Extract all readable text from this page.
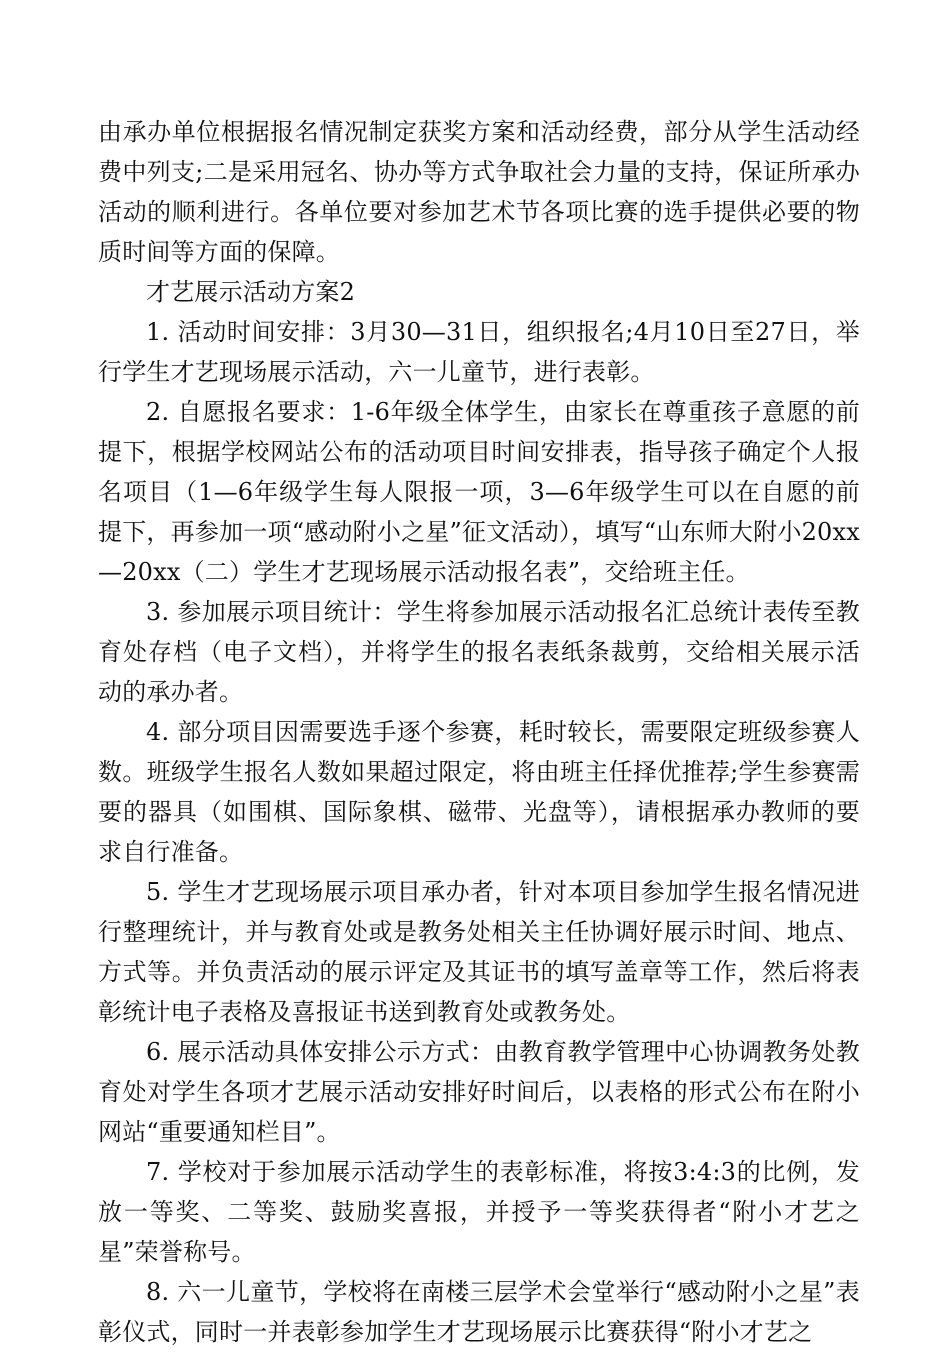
由承办单位根据报名情况制定获奖方案和活动经费，部分从学生活动经费中列支;二是采用冠名、协办等方式争取社会力量的支持，保证所承办活动的顺利进行。各单位要对参加艺术节各项比赛的选手提供必要的物质时间等方面的保障。

才艺展示活动方案2

1. 活动时间安排：3月30—31日，组织报名;4月10日至27日，举行学生才艺现场展示活动，六一儿童节，进行表彰。

2. 自愿报名要求：1-6年级全体学生，由家长在尊重孩子意愿的前提下，根据学校网站公布的活动项目时间安排表，指导孩子确定个人报名项目（1—6年级学生每人限报一项，3—6年级学生可以在自愿的前提下，再参加一项“感动附小之星”征文活动），填写“山东师大附小20xx—20xx（二）学生才艺现场展示活动报名表”，交给班主任。

3. 参加展示项目统计：学生将参加展示活动报名汇总统计表传至教育处存档（电子文档），并将学生的报名表纸条裁剪，交给相关展示活动的承办者。

4. 部分项目因需要选手逐个参赛，耗时较长，需要限定班级参赛人数。班级学生报名人数如果超过限定，将由班主任择优推荐;学生参赛需要的器具（如围棋、国际象棋、磁带、光盘等），请根据承办教师的要求自行准备。

5. 学生才艺现场展示项目承办者，针对本项目参加学生报名情况进行整理统计，并与教育处或是教务处相关主任协调好展示时间、地点、方式等。并负责活动的展示评定及其证书的填写盖章等工作，然后将表彰统计电子表格及喜报证书送到教育处或教务处。

6. 展示活动具体安排公示方式：由教育教学管理中心协调教务处教育处对学生各项才艺展示活动安排好时间后，以表格的形式公布在附小网站“重要通知栏目”。

7. 学校对于参加展示活动学生的表彰标准，将按3:4:3的比例，发放一等奖、二等奖、鼓励奖喜报，并授予一等奖获得者“附小才艺之星”荣誉称号。

8. 六一儿童节，学校将在南楼三层学术会堂举行“感动附小之星”表彰仪式，同时一并表彰参加学生才艺现场展示比赛获得“附小才艺之
